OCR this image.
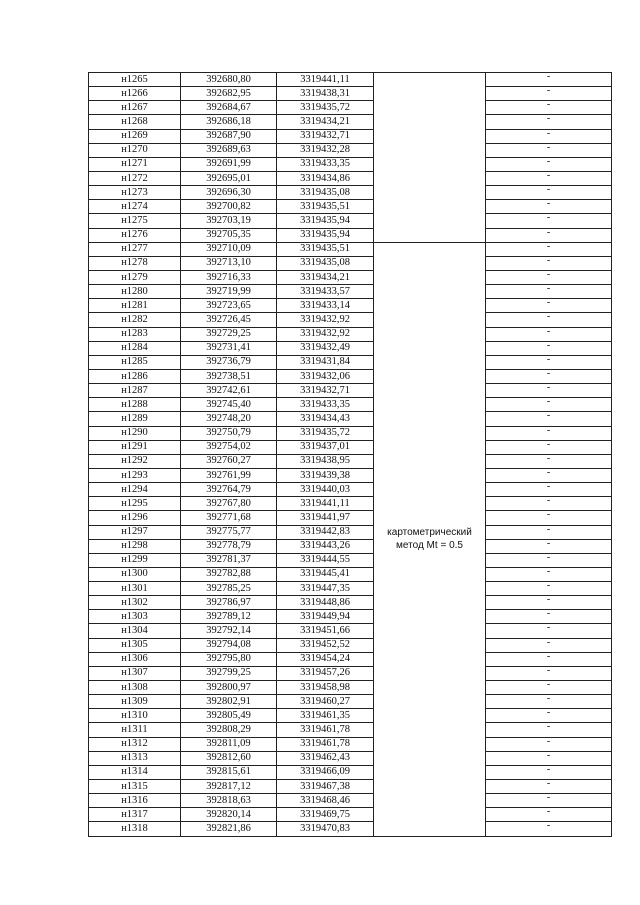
н1265	392680,80	3319441,11		-
н1266	392682,95	3319438,31		-
н1267	392684,67	3319435,72		-
н1268	392686,18	3319434,21		-
н1269	392687,90	3319432,71		-
н1270	392689,63	3319432,28		-
н1271	392691,99	3319433,35		-
н1272	392695,01	3319434,86		-
н1273	392696,30	3319435,08		-
н1274	392700,82	3319435,51		-
н1275	392703,19	3319435,94		-
н1276	392705,35	3319435,94		-
н1277	392710,09	3319435,51	картометрический метод Mt = 0.5	-
н1278	392713,10	3319435,08		-
н1279	392716,33	3319434,21		-
н1280	392719,99	3319433,57		-
н1281	392723,65	3319433,14		-
н1282	392726,45	3319432,92		-
н1283	392729,25	3319432,92		-
н1284	392731,41	3319432,49		-
н1285	392736,79	3319431,84		-
н1286	392738,51	3319432,06		-
н1287	392742,61	3319432,71		-
н1288	392745,40	3319433,35		-
н1289	392748,20	3319434,43		-
н1290	392750,79	3319435,72		-
н1291	392754,02	3319437,01		-
н1292	392760,27	3319438,95		-
н1293	392761,99	3319439,38		-
н1294	392764,79	3319440,03		-
н1295	392767,80	3319441,11		-
н1296	392771,68	3319441,97		-
н1297	392775,77	3319442,83		-
н1298	392778,79	3319443,26		-
н1299	392781,37	3319444,55		-
н1300	392782,88	3319445,41		-
н1301	392785,25	3319447,35		-
н1302	392786,97	3319448,86		-
н1303	392789,12	3319449,94		-
н1304	392792,14	3319451,66		-
н1305	392794,08	3319452,52		-
н1306	392795,80	3319454,24		-
н1307	392799,25	3319457,26		-
н1308	392800,97	3319458,98		-
н1309	392802,91	3319460,27		-
н1310	392805,49	3319461,35		-
н1311	392808,29	3319461,78		-
н1312	392811,09	3319461,78		-
н1313	392812,60	3319462,43		-
н1314	392815,61	3319466,09		-
н1315	392817,12	3319467,38		-
н1316	392818,63	3319468,46		-
н1317	392820,14	3319469,75		-
н1318	392821,86	3319470,83		-
